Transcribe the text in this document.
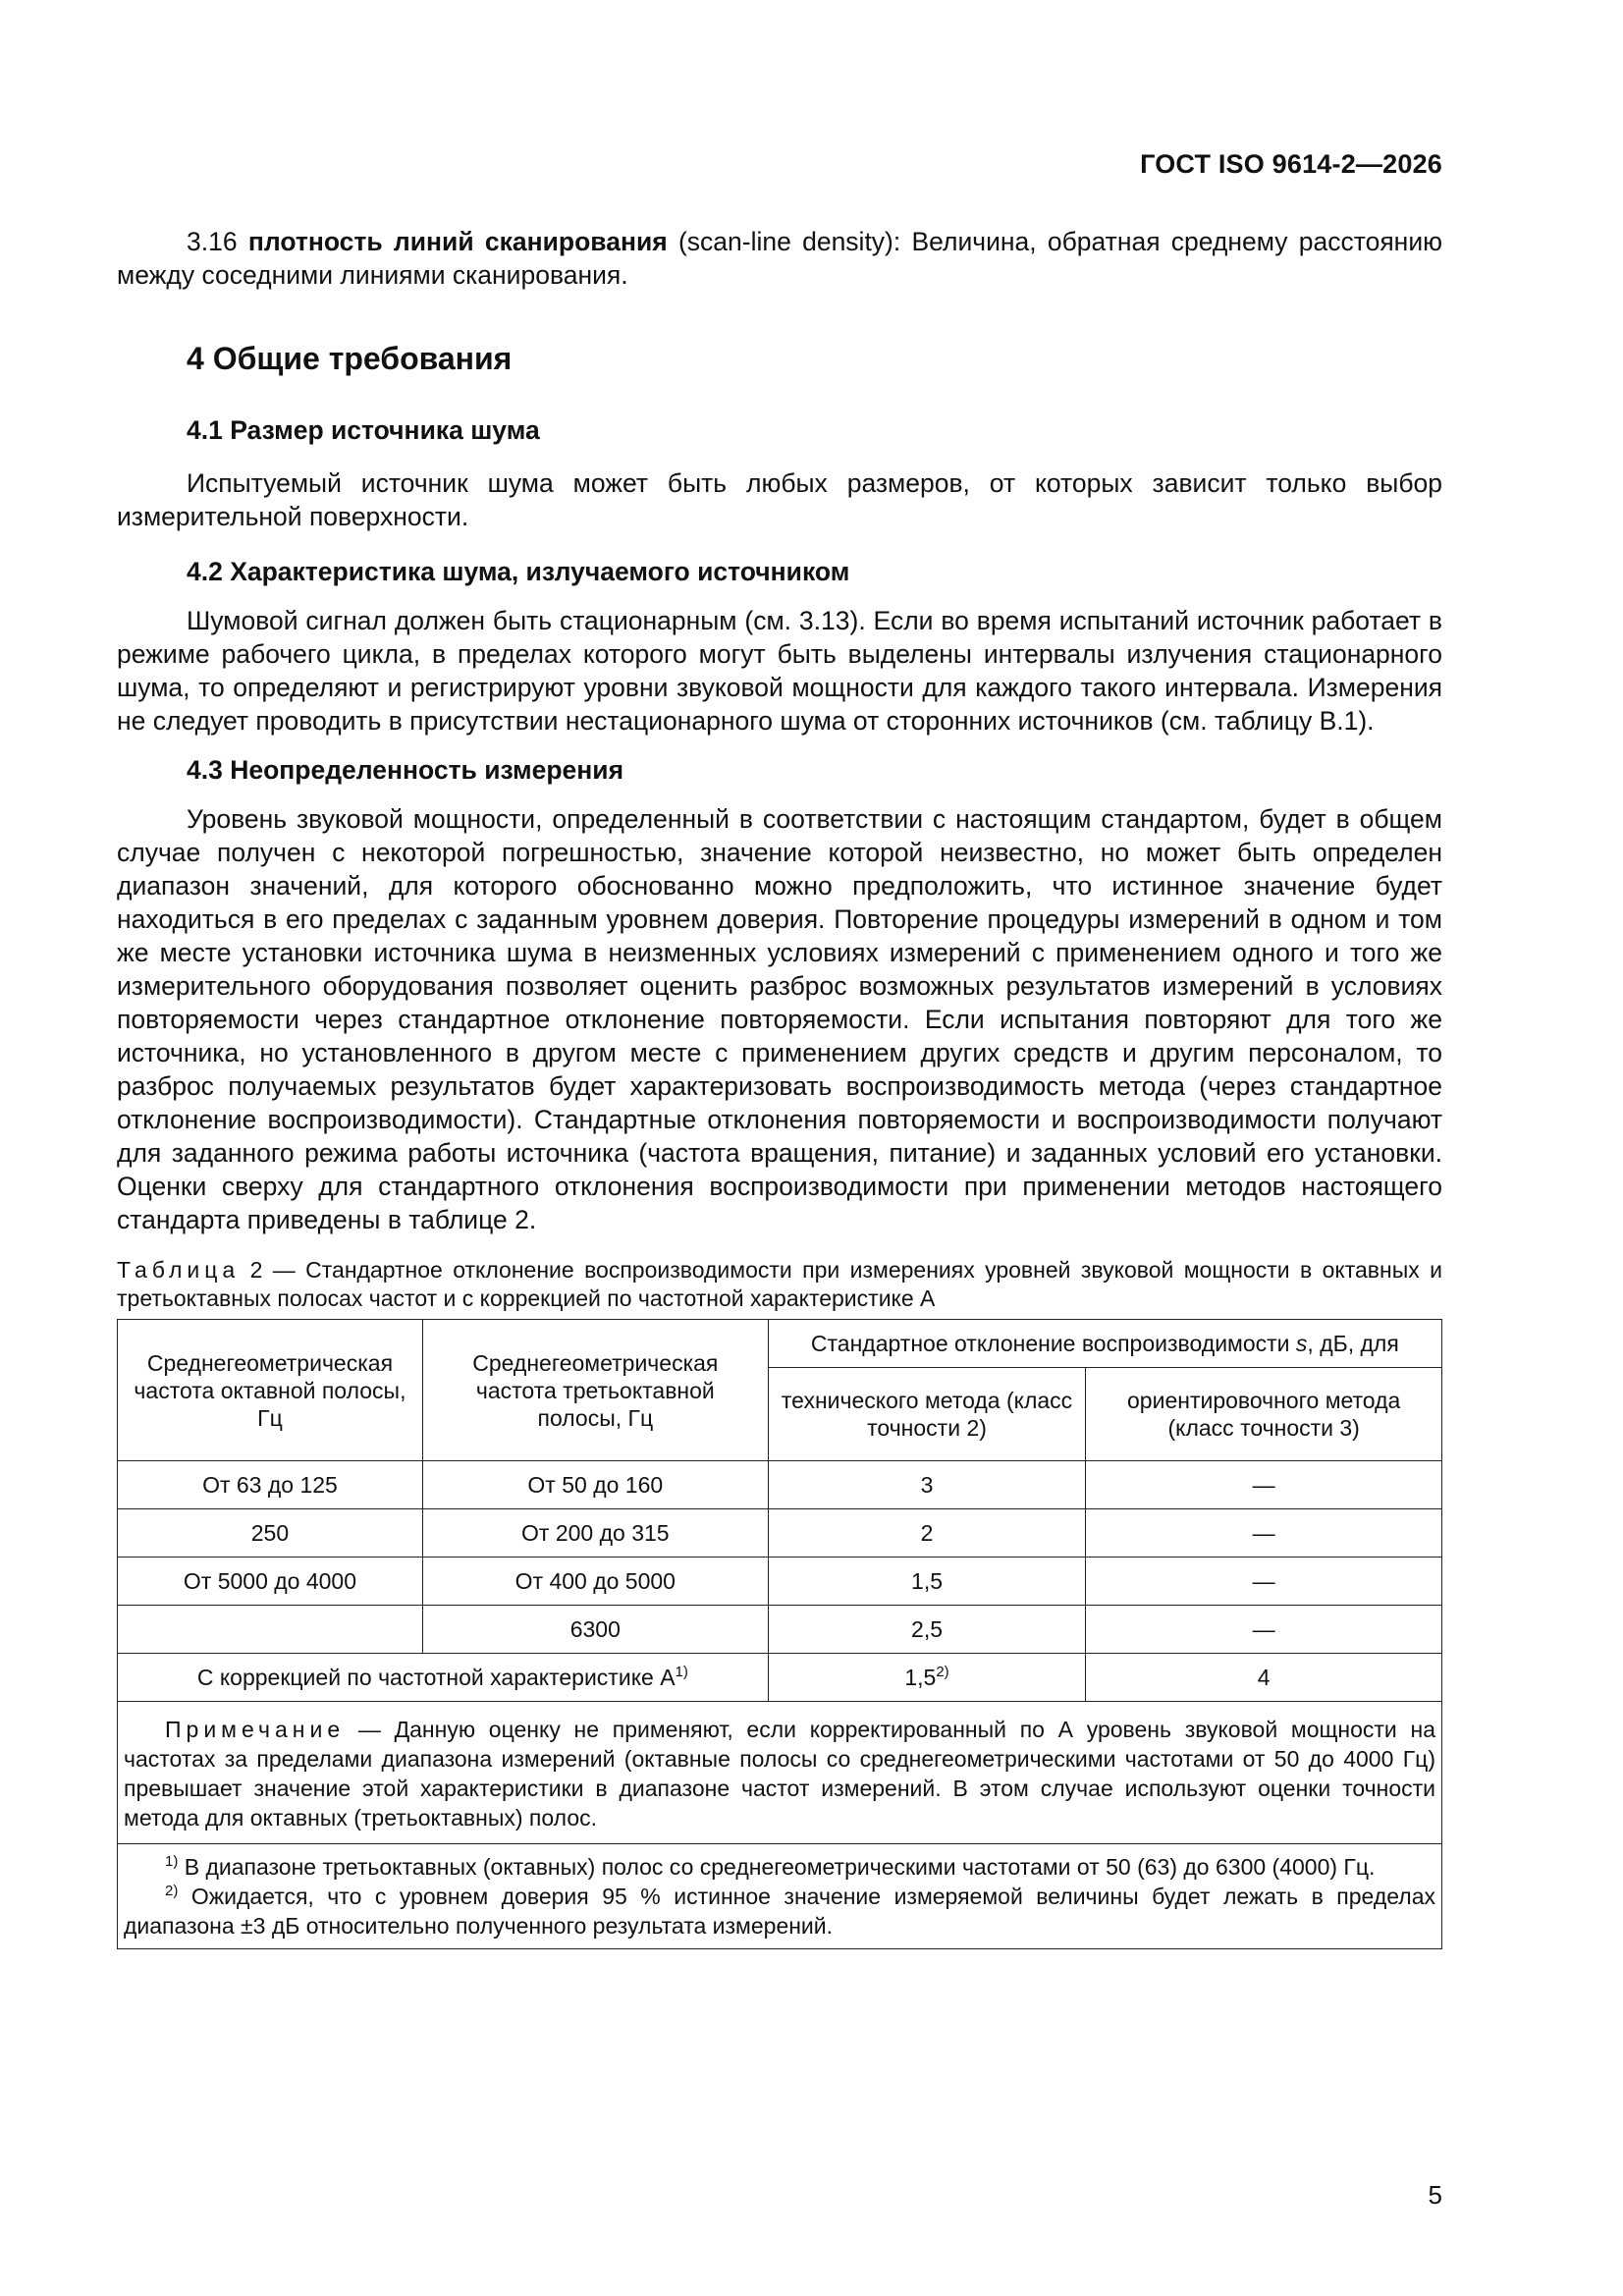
ГОСТ ISO 9614-2—2026

3.16 плотность линий сканирования (scan-line density): Величина, обратная среднему расстоянию между соседними линиями сканирования.

4 Общие требования
4.1 Размер источника шума

Испытуемый источник шума может быть любых размеров, от которых зависит только выбор измерительной поверхности.

4.2 Характеристика шума, излучаемого источником

Шумовой сигнал должен быть стационарным (см. 3.13). Если во время испытаний источник работает в режиме рабочего цикла, в пределах которого могут быть выделены интервалы излучения стационарного шума, то определяют и регистрируют уровни звуковой мощности для каждого такого интервала. Измерения не следует проводить в присутствии нестационарного шума от сторонних источников (см. таблицу В.1).

4.3 Неопределенность измерения

Уровень звуковой мощности, определенный в соответствии с настоящим стандартом, будет в общем случае получен с некоторой погрешностью, значение которой неизвестно, но может быть определен диапазон значений, для которого обоснованно можно предположить, что истинное значение будет находиться в его пределах с заданным уровнем доверия. Повторение процедуры измерений в одном и том же месте установки источника шума в неизменных условиях измерений с применением одного и того же измерительного оборудования позволяет оценить разброс возможных результатов измерений в условиях повторяемости через стандартное отклонение повторяемости. Если испытания повторяют для того же источника, но установленного в другом месте с применением других средств и другим персоналом, то разброс получаемых результатов будет характеризовать воспроизводимость метода (через стандартное отклонение воспроизводимости). Стандартные отклонения повторяемости и воспроизводимости получают для заданного режима работы источника (частота вращения, питание) и заданных условий его установки. Оценки сверху для стандартного отклонения воспроизводимости при применении методов настоящего стандарта приведены в таблице 2.

Таблица 2 — Стандартное отклонение воспроизводимости при измерениях уровней звуковой мощности в октавных и третьоктавных полосах частот и с коррекцией по частотной характеристике А
Среднегеометрическая частота октавной полосы, Гц	Среднегеометрическая частота третьоктавной полосы, Гц	Стандартное отклонение воспроизводимости s, дБ, для	
		технического метода (класс точности 2)	ориентировочного метода (класс точности 3)
От 63 до 125	От 50 до 160	3	—
250	От 200 до 315	2	—
От 5000 до 4000	От 400 до 5000	1,5	—
	6300	2,5	—
С коррекцией по частотной характеристике $А^{1)}$		1,5$^{2)}$	4
Примечание — Данную оценку не применяют, если корректированный по А уровень звуковой мощности на частотах за пределами диапазона измерений (октавные полосы со среднегеометрическими частотами от 50 до 4000 Гц) превышает значение этой характеристики в диапазоне частот измерений. В этом случае используют оценки точности метода для октавных (третьоктавных) полос.			

$^{1)}$ В диапазоне третьоктавных (октавных) полос со среднегеометрическими частотами от 50 (63) до 6300 (4000) Гц.
$^{2)}$ Ожидается, что с уровнем доверия 95 % истинное значение измеряемой величины будет лежать в пределах диапазона ±3 дБ относительно полученного результата измерений.			
5
